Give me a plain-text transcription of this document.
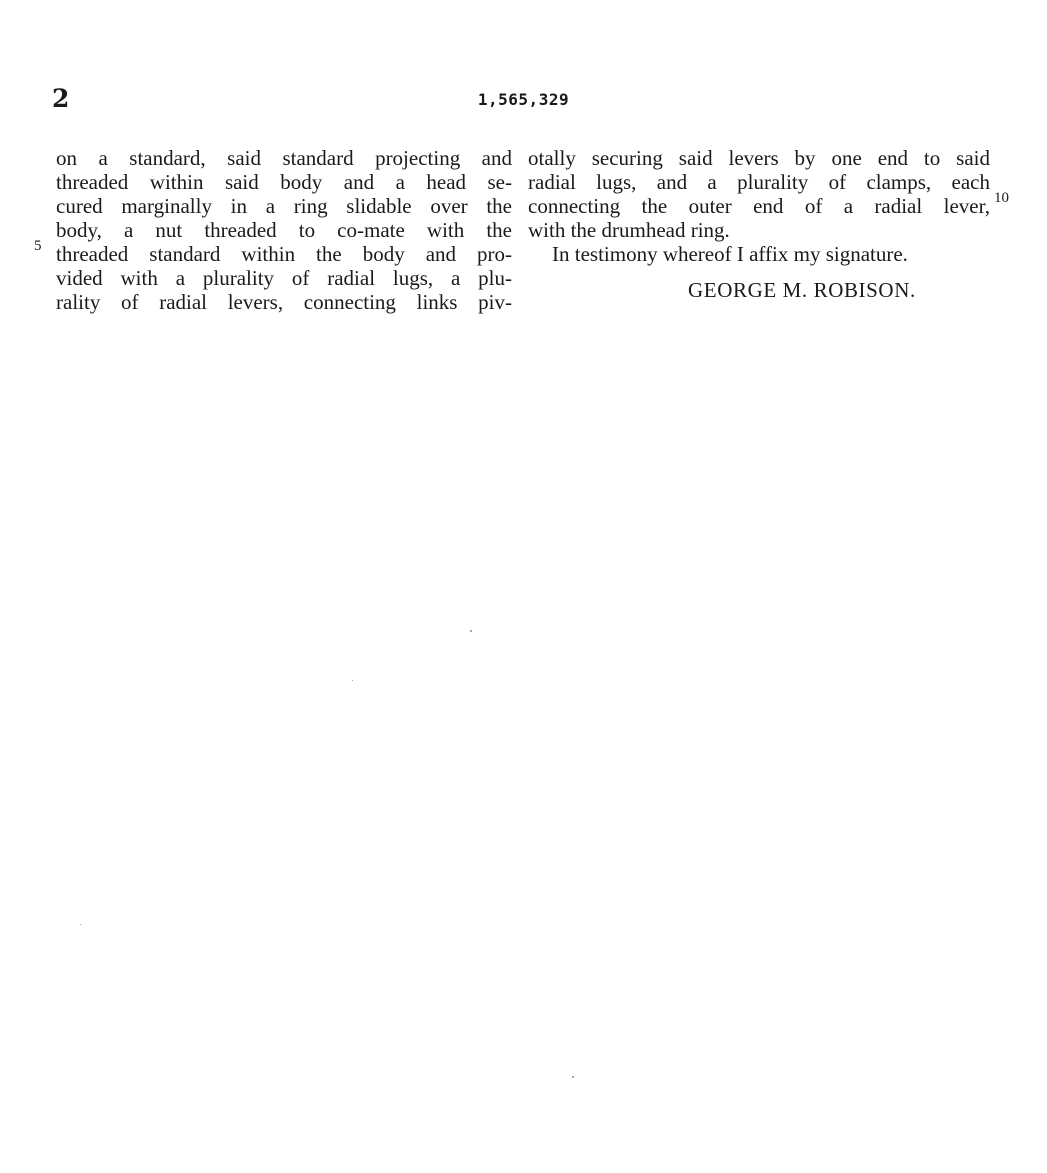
2	1,565,329
5
on a standard, said standard projecting and
threaded within said body and a head se-
cured marginally in a ring slidable over the
body, a nut threaded to co-mate with the
threaded standard within the body and pro-
vided with a plurality of radial lugs, a plu-
rality of radial levers, connecting links piv-
otally securing said levers by one end to said
radial lugs, and a plurality of clamps, each
connecting the outer end of a radial lever,
with the drumhead ring.
In testimony whereof I affix my signature.
10
GEORGE M. ROBISON.
